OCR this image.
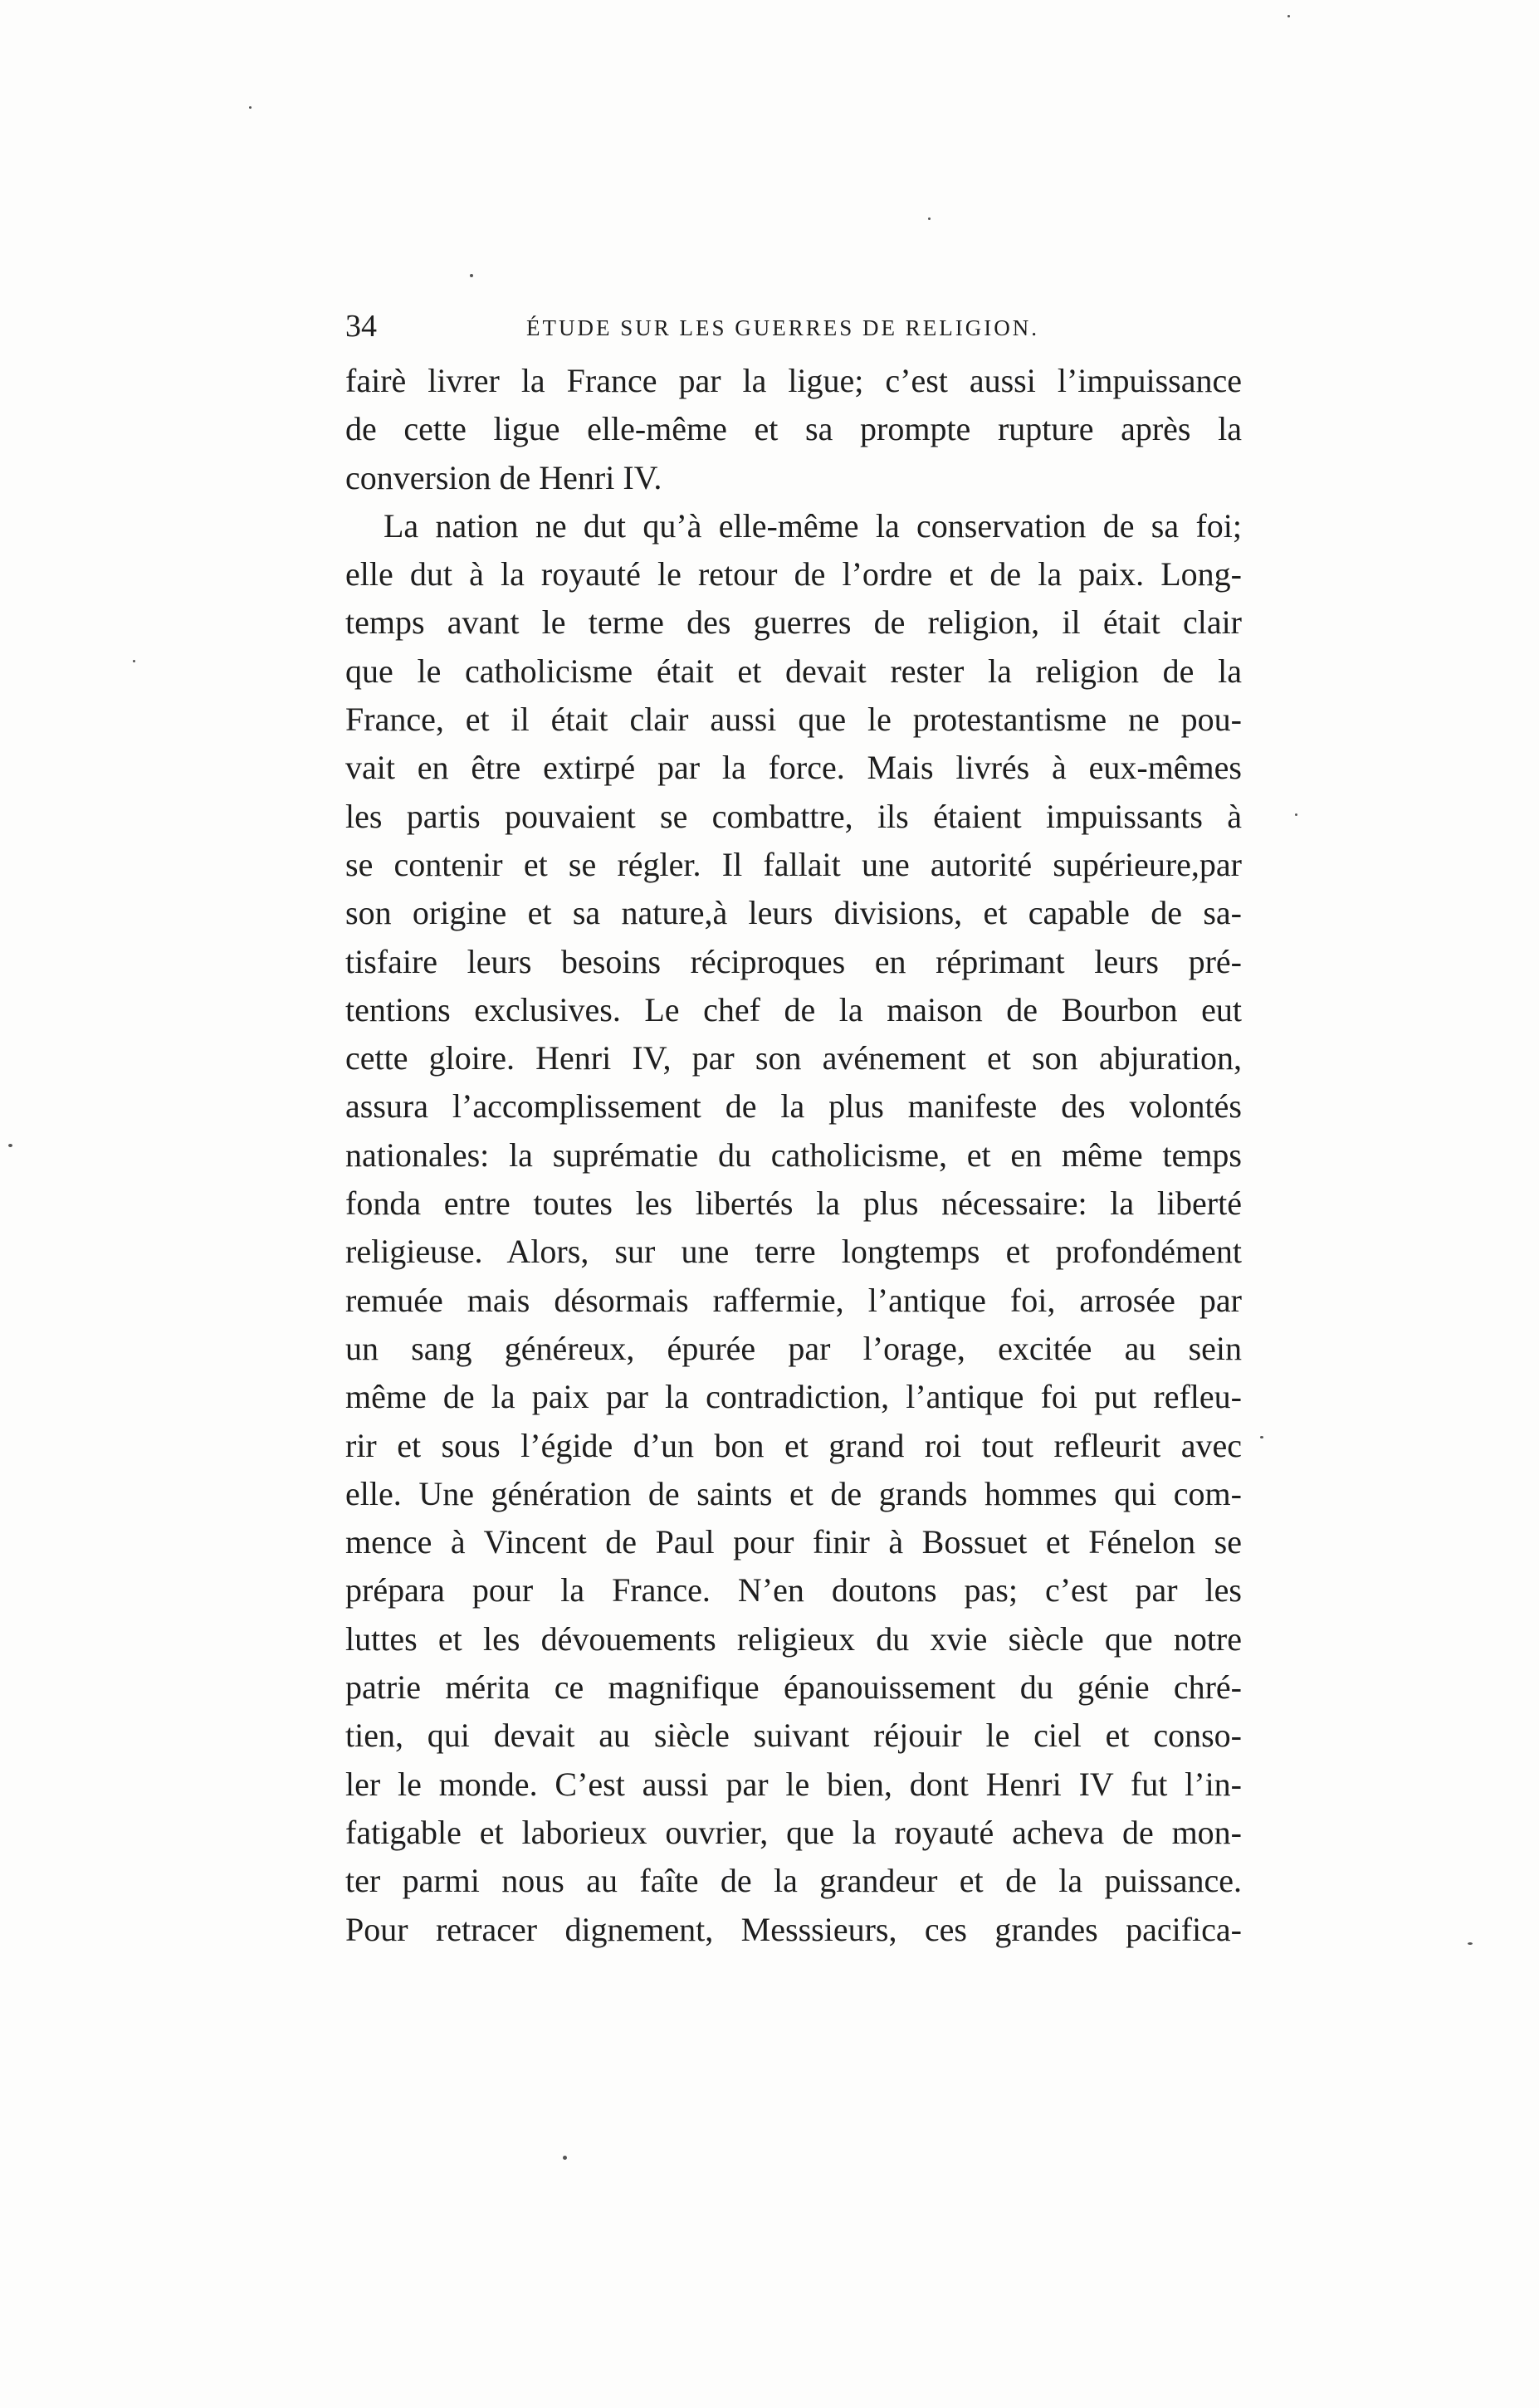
34	ÉTUDE SUR LES GUERRES DE RELIGION.
fairè livrer la France par la ligue; c’est aussi l’impuissance
de cette ligue elle-même et sa prompte rupture après la
conversion de Henri IV.
La nation ne dut qu’à elle-même la conservation de sa foi;
elle dut à la royauté le retour de l’ordre et de la paix. Long-
temps avant le terme des guerres de religion, il était clair
que le catholicisme était et devait rester la religion de la
France, et il était clair aussi que le protestantisme ne pou-
vait en être extirpé par la force. Mais livrés à eux-mêmes
les partis pouvaient se combattre, ils étaient impuissants à
se contenir et se régler. Il fallait une autorité supérieure,par
son origine et sa nature,à leurs divisions, et capable de sa-
tisfaire leurs besoins réciproques en réprimant leurs pré-
tentions exclusives. Le chef de la maison de Bourbon eut
cette gloire. Henri IV, par son avénement et son abjuration,
assura l’accomplissement de la plus manifeste des volontés
nationales: la suprématie du catholicisme, et en même temps
fonda entre toutes les libertés la plus nécessaire: la liberté
religieuse. Alors, sur une terre longtemps et profondément
remuée mais désormais raffermie, l’antique foi, arrosée par
un sang généreux, épurée par l’orage, excitée au sein
même de la paix par la contradiction, l’antique foi put refleu-
rir et sous l’égide d’un bon et grand roi tout refleurit avec
elle. Une génération de saints et de grands hommes qui com-
mence à Vincent de Paul pour finir à Bossuet et Fénelon se
prépara pour la France. N’en doutons pas; c’est par les
luttes et les dévouements religieux du xvie siècle que notre
patrie mérita ce magnifique épanouissement du génie chré-
tien, qui devait au siècle suivant réjouir le ciel et conso-
ler le monde. C’est aussi par le bien, dont Henri IV fut l’in-
fatigable et laborieux ouvrier, que la royauté acheva de mon-
ter parmi nous au faîte de la grandeur et de la puissance.
Pour retracer dignement, Messsieurs, ces grandes pacifica-
